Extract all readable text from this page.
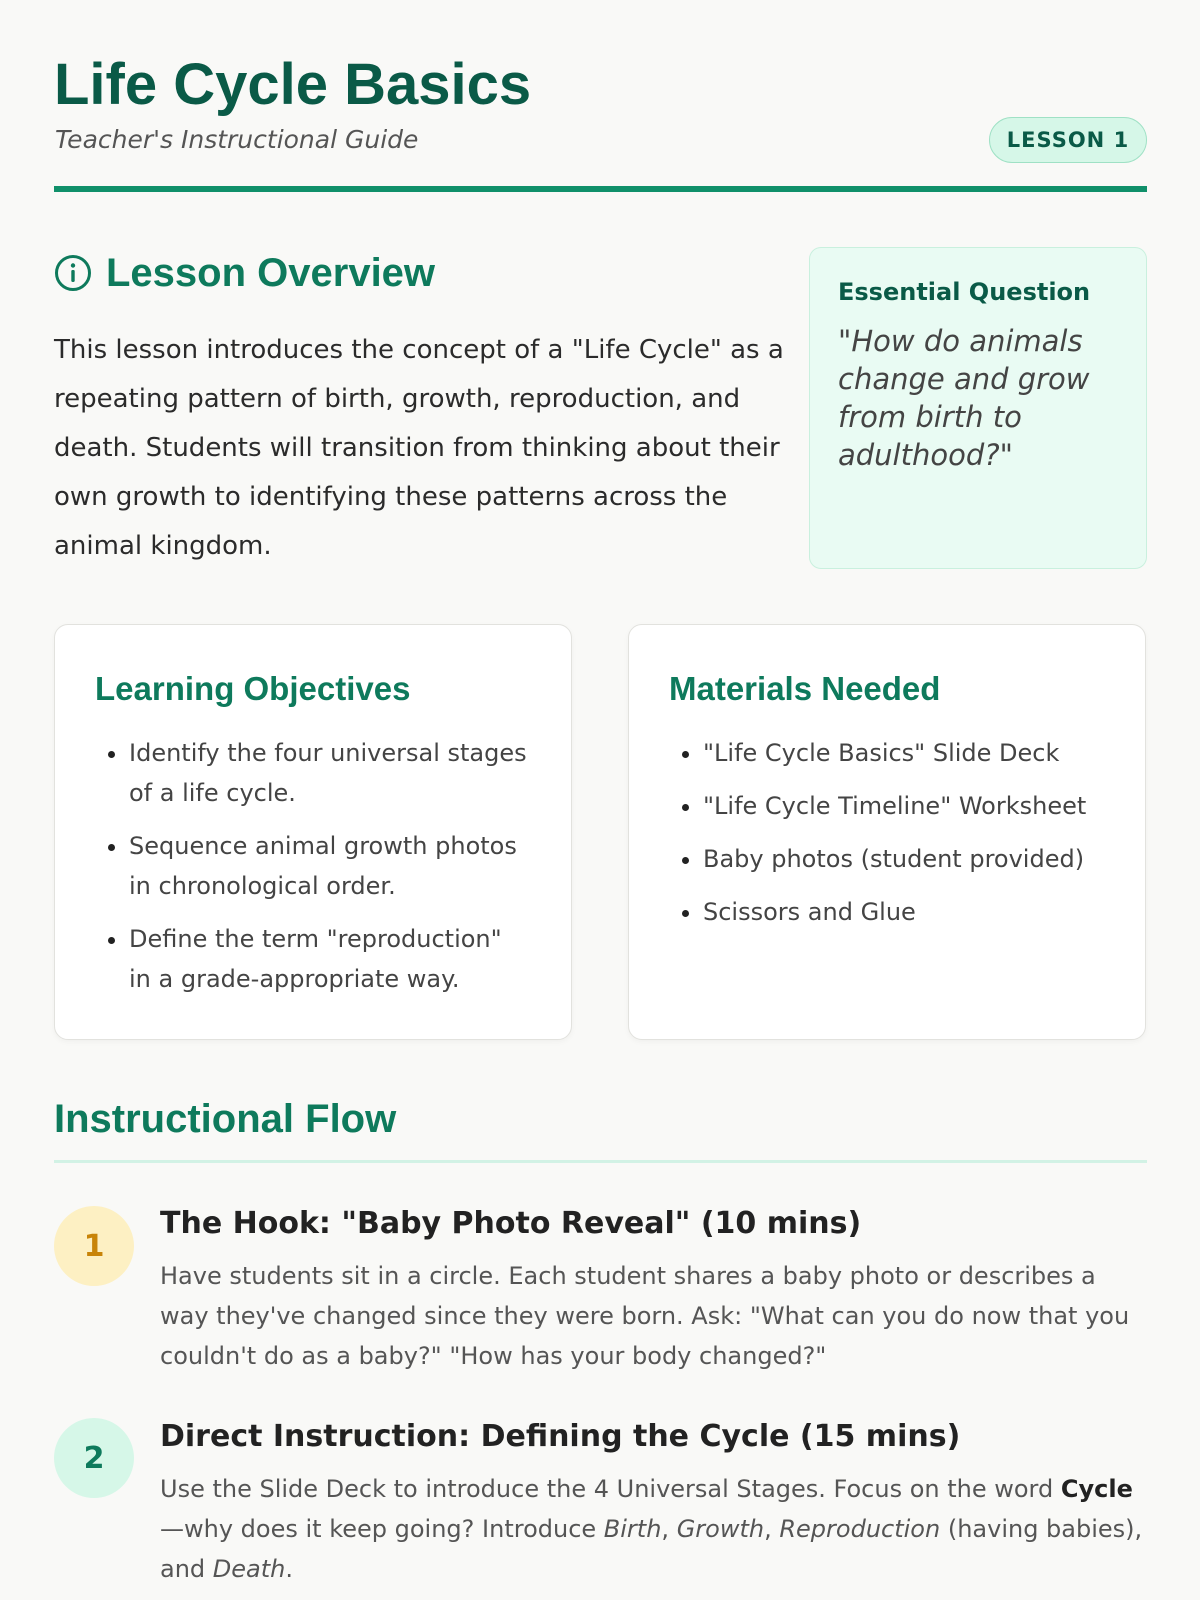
Life Cycle Basics

Teacher's Instructional Guide	LESSON 1
Lesson Overview

This lesson introduces the concept of a "Life Cycle" as a repeating pattern of birth, growth, reproduction, and death. Students will transition from thinking about their own growth to identifying these patterns across the animal kingdom.

Essential Question

"How do animals change and grow from birth to adulthood?"

Learning Objectives
• Identify the four universal stages of a life cycle.
• Sequence animal growth photos in chronological order.
• Define the term "reproduction" in a grade-appropriate way.
Materials Needed
• "Life Cycle Basics" Slide Deck
• "Life Cycle Timeline" Worksheet
• Baby photos (student provided)
• Scissors and Glue
Instructional Flow
1
The Hook: "Baby Photo Reveal" (10 mins)

Have students sit in a circle. Each student shares a baby photo or describes a way they've changed since they were born. Ask: "What can you do now that you couldn't do as a baby?" "How has your body changed?"

2
Direct Instruction: Defining the Cycle (15 mins)

Use the Slide Deck to introduce the 4 Universal Stages. Focus on the word Cycle—why does it keep going? Introduce Birth, Growth, Reproduction (having babies), and Death.
